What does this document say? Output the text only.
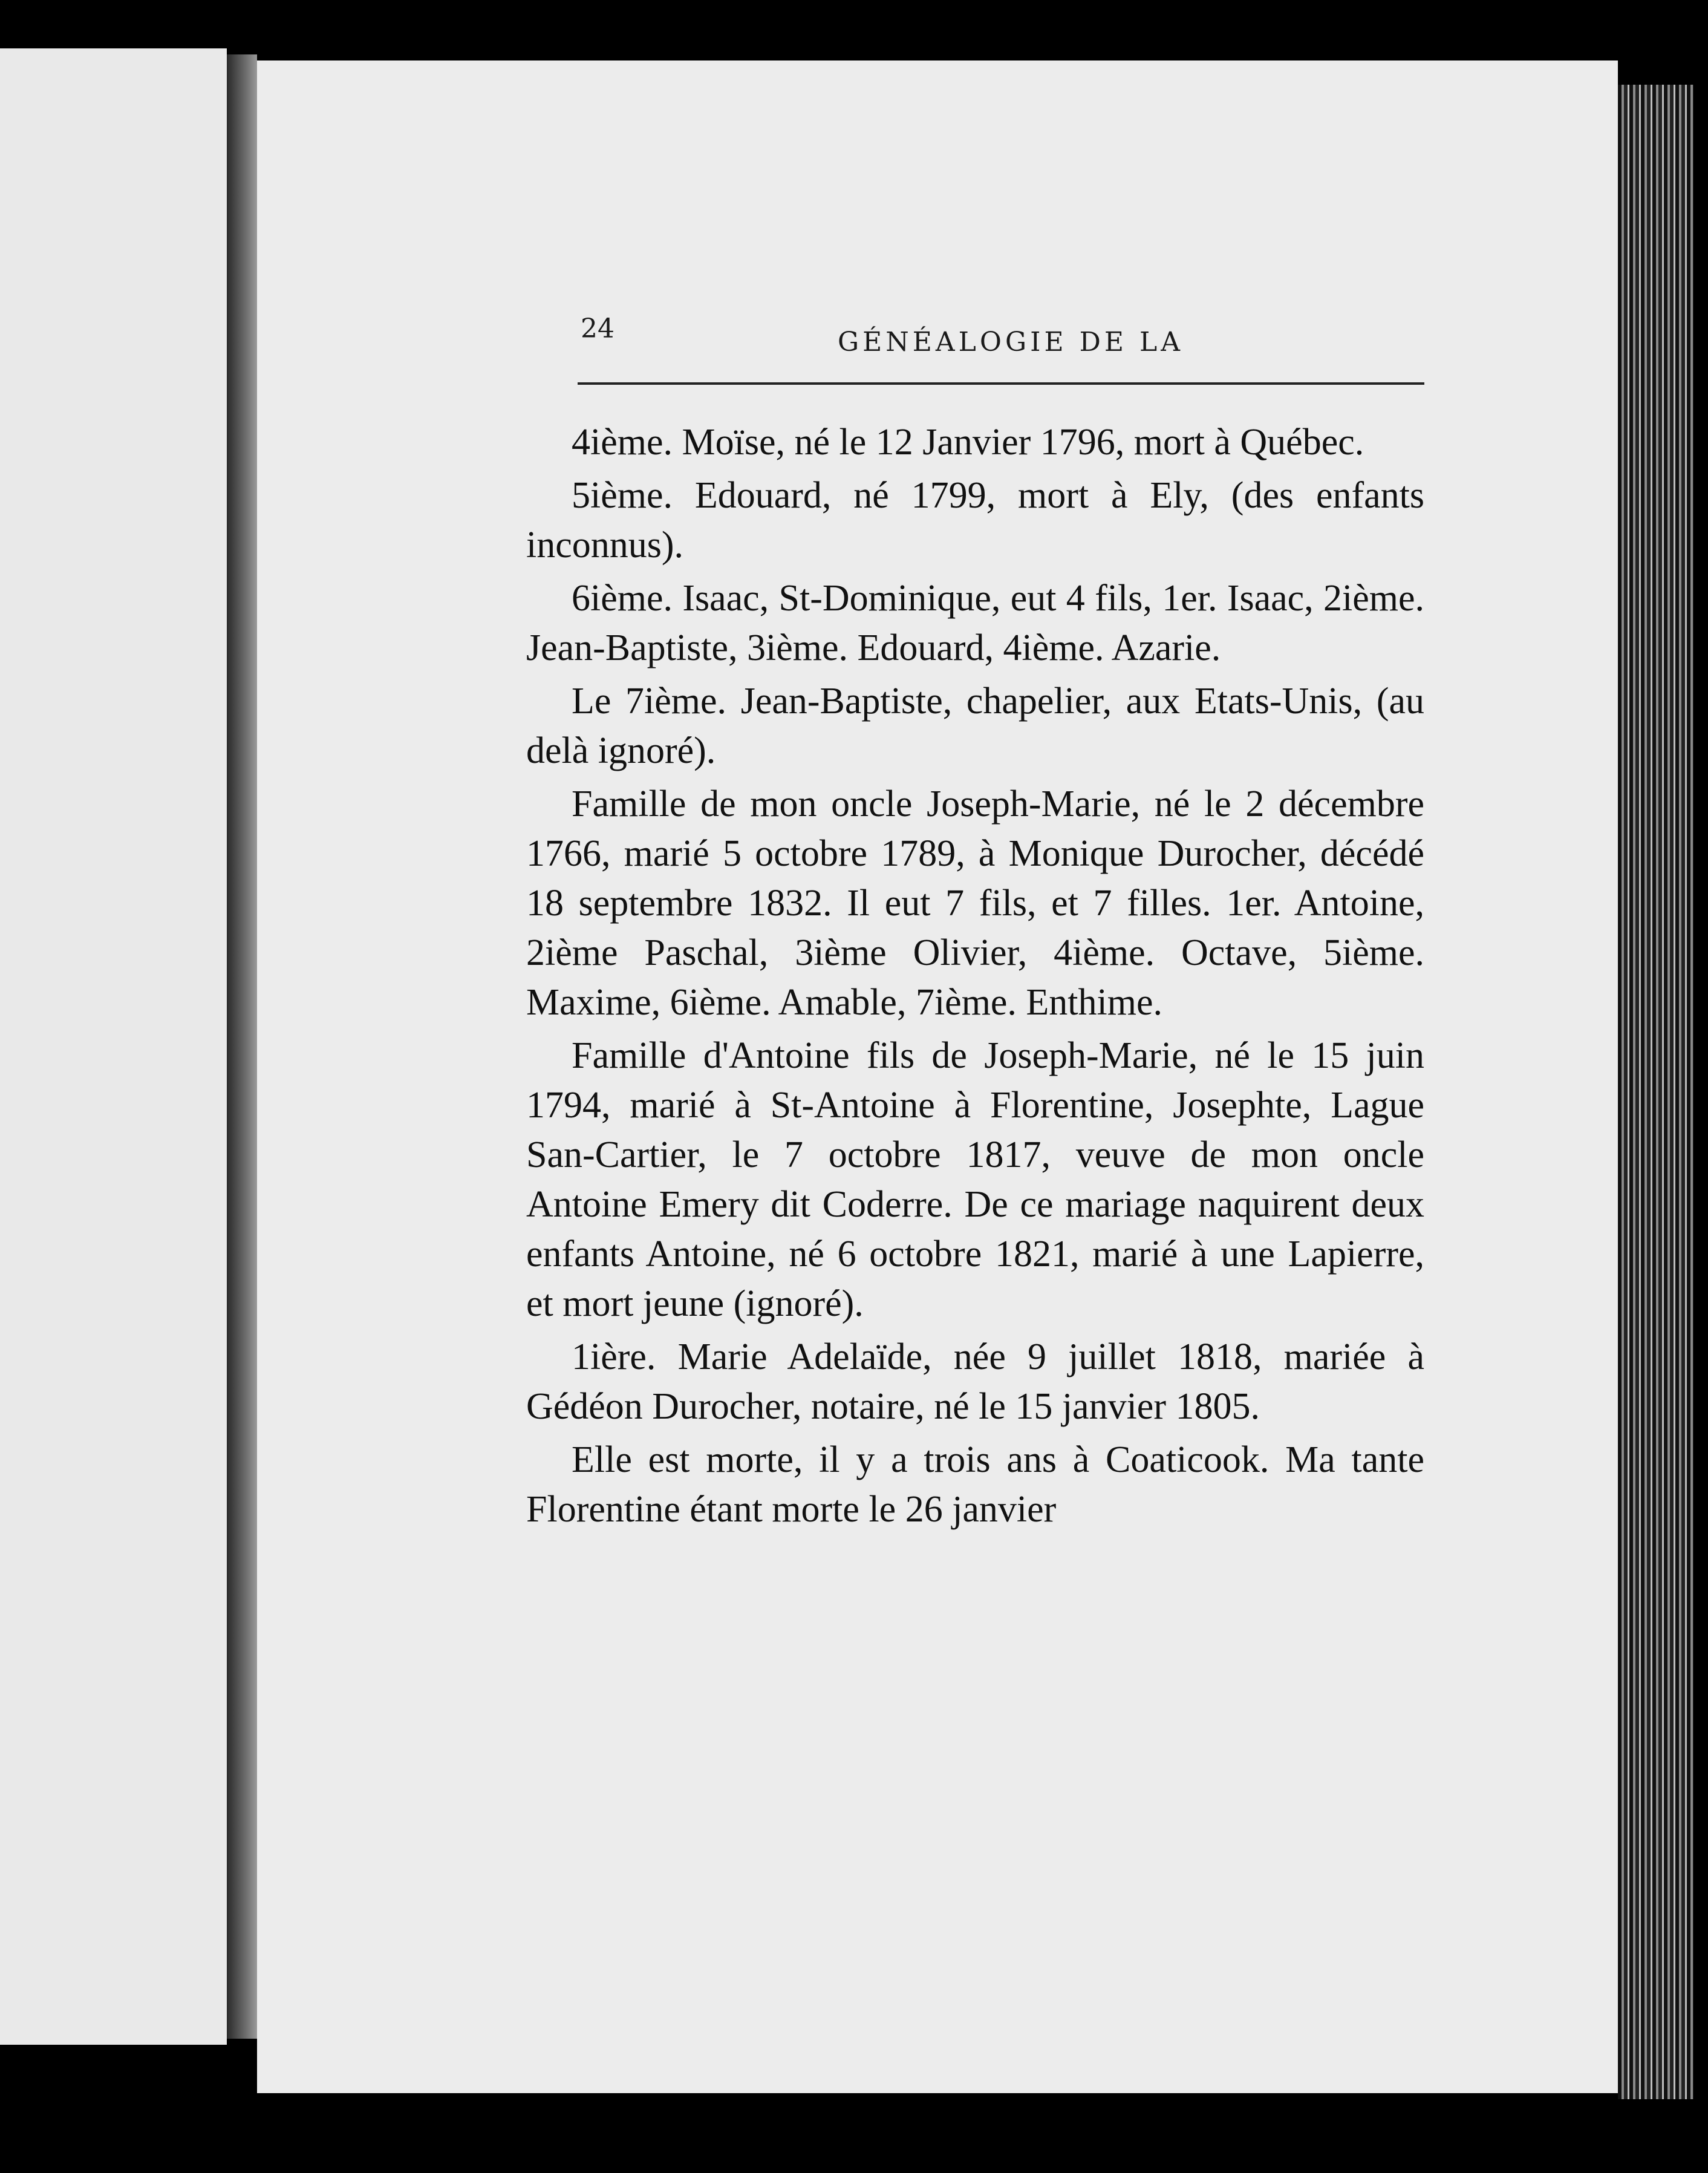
24	GÉNÉALOGIE DE LA

4ième. Moïse, né le 12 Janvier 1796, mort à Québec.

5ième. Edouard, né 1799, mort à Ely, (des enfants inconnus).

6ième. Isaac, St-Dominique, eut 4 fils, 1er. Isaac, 2ième. Jean-Baptiste, 3ième. Edouard, 4ième. Azarie.

Le 7ième. Jean-Baptiste, chapelier, aux Etats-Unis, (au delà ignoré).

Famille de mon oncle Joseph-Marie, né le 2 décembre 1766, marié 5 octobre 1789, à Monique Durocher, décédé 18 septembre 1832. Il eut 7 fils, et 7 filles. 1er. Antoine, 2ième Paschal, 3ième Olivier, 4ième. Octave, 5ième. Maxime, 6ième. Amable, 7ième. Enthime.

Famille d'Antoine fils de Joseph-Marie, né le 15 juin 1794, marié à St-Antoine à Florentine, Josephte, Lague San-Cartier, le 7 octobre 1817, veuve de mon oncle Antoine Emery dit Coderre. De ce mariage naquirent deux enfants Antoine, né 6 octobre 1821, marié à une Lapierre, et mort jeune (ignoré).

1ière. Marie Adelaïde, née 9 juillet 1818, mariée à Gédéon Durocher, notaire, né le 15 janvier 1805.

Elle est morte, il y a trois ans à Coaticook. Ma tante Florentine étant morte le 26 janvier
